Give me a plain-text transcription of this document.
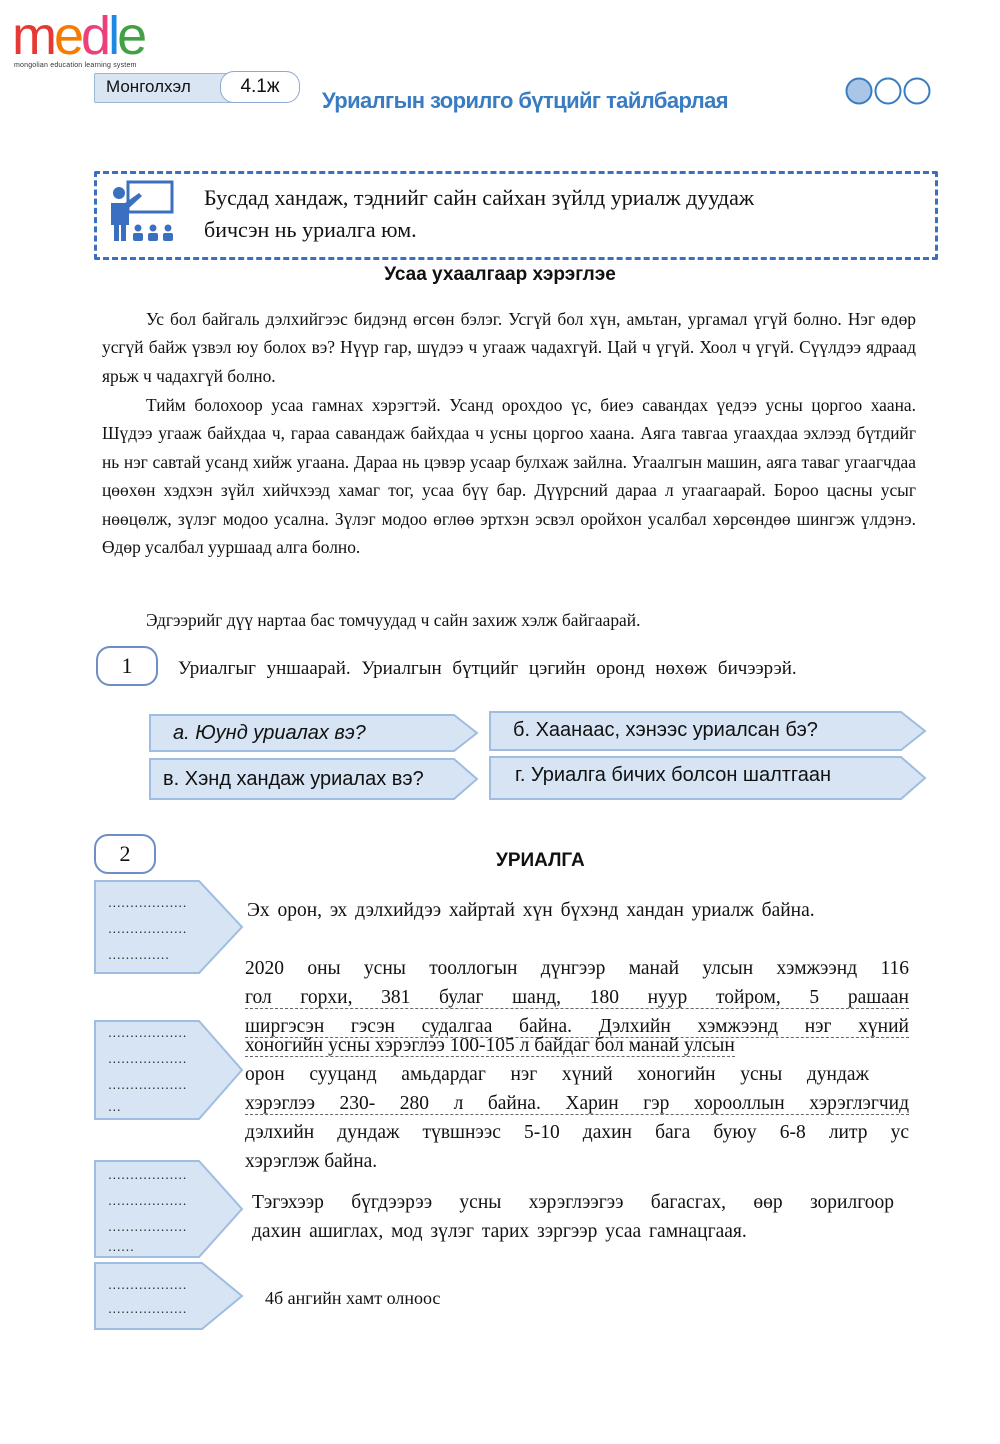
medle
mongolian education learning system
Монголхэл	4.1ж
Уриалгын зорилго бүтцийг тайлбарлая
Бусдад хандаж, тэднийг сайн сайхан зүйлд уриалж дуудаж
бичсэн нь уриалга юм.
Усаа ухаалгаар хэрэглэе

Ус бол байгаль дэлхийгээс бидэнд өгсөн бэлэг. Усгүй бол хүн, амьтан, ургамал үгүй болно. Нэг өдөр усгүй байж үзвэл юу болох вэ? Нүүр гар, шүдээ ч угааж чадахгүй. Цай ч үгүй. Хоол ч үгүй. Сүүлдээ ядраад ярьж ч чадахгүй болно.

Тийм болохоор усаа гамнах хэрэгтэй. Усанд орохдоо үс, биеэ савандах үедээ усны цоргоо хаана. Шүдээ угааж байхдаа ч, гараа савандаж байхдаа ч усны цоргоо хаана. Аяга тавгаа угаахдаа эхлээд бүтдийг нь нэг савтай усанд хийж угаана. Дараа нь цэвэр усаар булхаж зайлна. Угаалгын машин, аяга таваг угаагчдаа цөөхөн хэдхэн зүйл хийчхээд хамаг тог, усаа бүү бар. Дүүрсний дараа л угаагаарай. Бороо цасны усыг нөөцөлж, зүлэг модоо усална. Зүлэг модоо өглөө эртхэн эсвэл оройхон усалбал хөрсөндөө шингэж үлдэнэ. Өдөр усалбал ууршаад алга болно.

Эдгээрийг дүү нартаа бас томчуудад ч сайн захиж хэлж байгаарай.

1	Уриалгыг уншаарай. Уриалгын бүтцийг цэгийн оронд нөхөж бичээрэй.
а. Юунд уриалах вэ?	б. Хаанаас, хэнээс уриалсан бэ?
в. Хэнд хандаж уриалах вэ?	г. Уриалга бичих болсон шалтгаан
2	УРИАЛГА
..................
..................
..............
Эх орон, эх дэлхийдээ хайртай хүн бүхэнд хандан уриалж байна.
..................
..................
..................
...
2020 оны усны тооллогын дүнгээр манай улсын хэмжээнд 116
гол горхи, 381 булаг шанд, 180 нуур тойром, 5 рашаан
ширгэсэн гэсэн судалгаа байна. Дэлхийн хэмжээнд нэг хүний
хоногийн усны хэрэглээ 100-105 л байдаг бол манай улсын
орон сууцанд амьдардаг нэг хүний хоногийн усны дундаж
хэрэглээ 230- 280 л байна. Харин гэр хорооллын хэрэглэгчид
дэлхийн дундаж түвшнээс 5-10 дахин бага буюу 6-8 литр ус
хэрэглэж байна.
..................
..................
..................
......
Тэгэхээр бүгдээрээ усны хэрэглээгээ багасгах, өөр зорилгоор
дахин ашиглах, мод зүлэг тарих зэргээр усаа гамнацгаая.
..................
..................	4б ангийн хамт олноос
